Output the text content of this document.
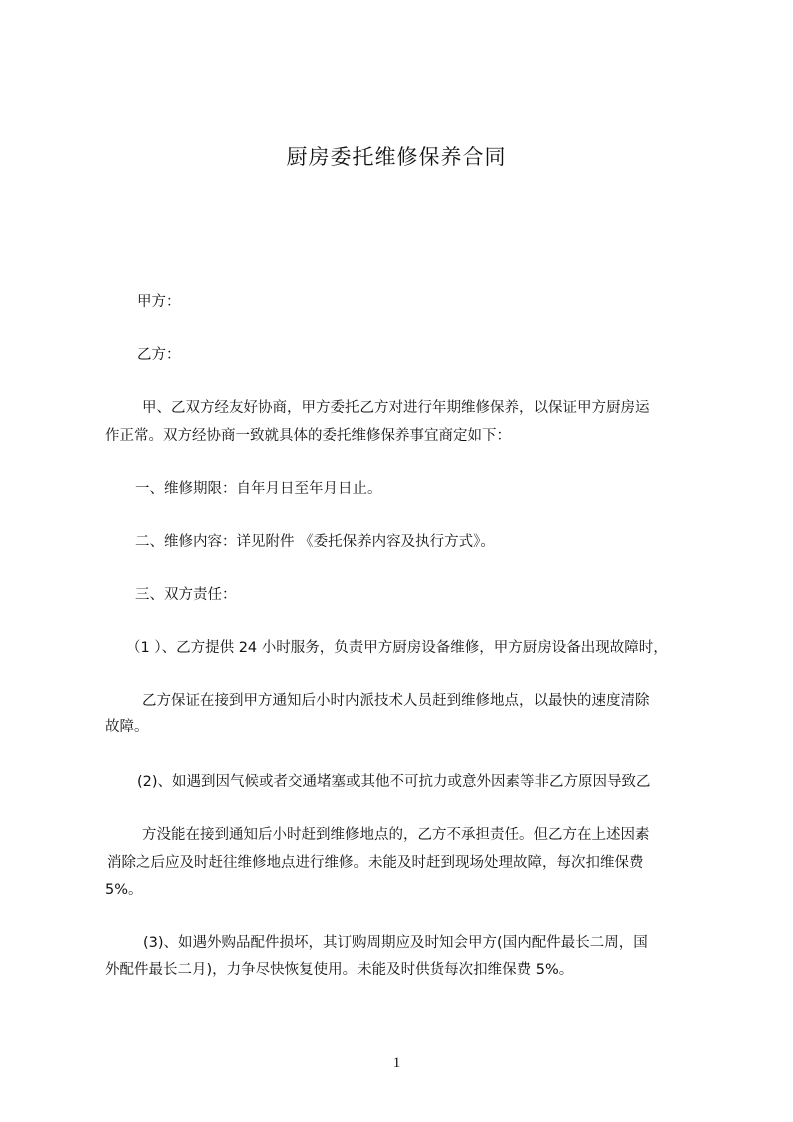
厨房委托维修保养合同
甲方：
乙方：
甲、乙双方经友好协商，甲方委托乙方对进行年期维修保养，以保证甲方厨房运
作正常。双方经协商一致就具体的委托维修保养事宜商定如下：
一、维修期限：自年月日至年月日止。
二、维修内容：详见附件 《委托保养内容及执行方式》。
三、双方责任：
（1 ）、乙方提供 24 小时服务，负责甲方厨房设备维修，甲方厨房设备出现故障时，
乙方保证在接到甲方通知后小时内派技术人员赶到维修地点，以最快的速度清除
故障。
(2)、如遇到因气候或者交通堵塞或其他不可抗力或意外因素等非乙方原因导致乙
方没能在接到通知后小时赶到维修地点的，乙方不承担责任。但乙方在上述因素
消除之后应及时赶往维修地点进行维修。未能及时赶到现场处理故障，每次扣维保费
5%。
(3)、如遇外购品配件损坏，其订购周期应及时知会甲方(国内配件最长二周，国
外配件最长二月)，力争尽快恢复使用。未能及时供货每次扣维保费 5%。
1
